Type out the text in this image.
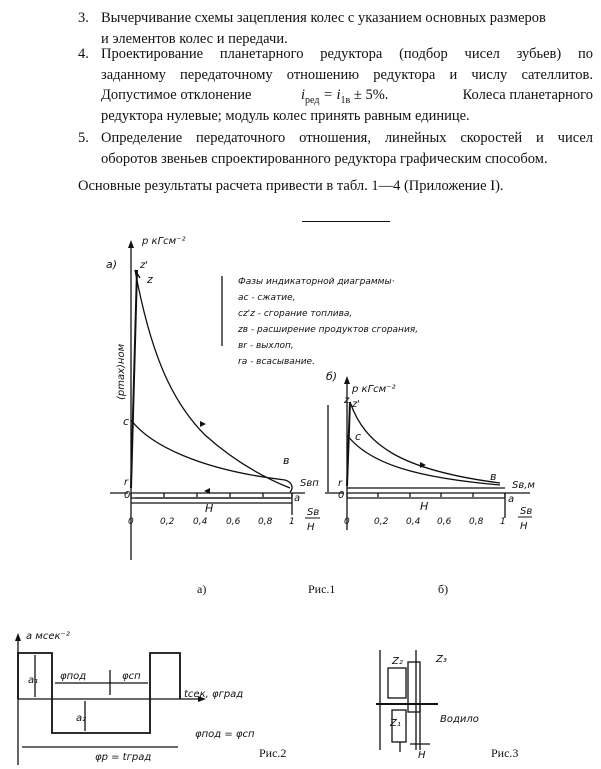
3. Вычерчивание схемы зацепления колес с указанием основных размеров
и элементов колес и передачи.
4. Проектирование планетарного редуктора (подбор чисел зубьев) по
заданному передаточному отношению редуктора и числу сателлитов.
Допустимое отклонение	$i_{ред} = i_{1в} \pm 5\%$.	Колеса планетарного
редуктора нулевые; модуль колес принять равным единице.
5. Определение передаточного отношения, линейных скоростей и чисел
оборотов звеньев спроектированного редуктора графическим способом.
Основные результаты расчета привести в табл. 1—4 (Приложение I).
а)
p кГсм⁻²
z'
z
c
в
r
0	a
Sвп
H
(pmax)ном
0	0,2 0,4 0,6 0,8 1
Sв
H
Фазы индикаторной диаграммы·
ac - сжатие,
cz'z - сгорание топлива,
zв - расширение продуктов сгорания,
вr - выхлоп,
ra - всасывание.
б)
p кГсм⁻²
z'
z
c
в
r
0	a
Sв,м
H
0	0,2 0,4 0,6 0,8 1
Sв
H
а)	Рис.1	б)
a мсек⁻²
a₁
a₂
φпод	φсп
tсек, φград
φр = tград
φпод = φсп
Рис.2
Z₂	Z₃
Z₁	Водило
H	Рис.3
